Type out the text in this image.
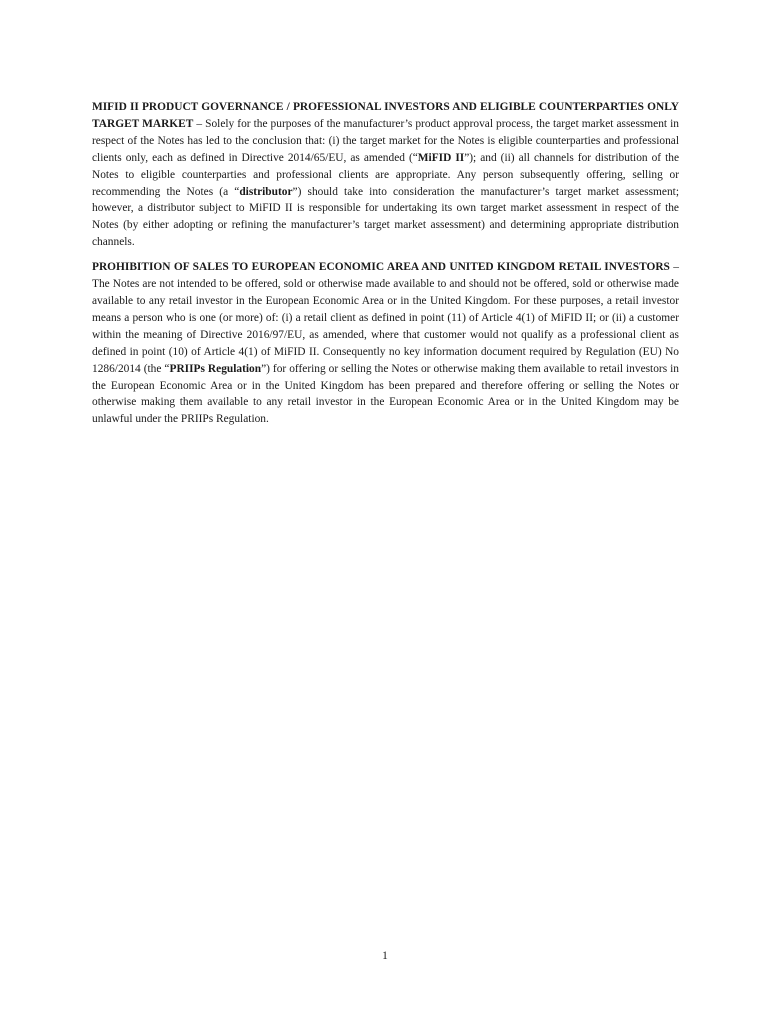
MIFID II PRODUCT GOVERNANCE / PROFESSIONAL INVESTORS AND ELIGIBLE COUNTERPARTIES ONLY TARGET MARKET – Solely for the purposes of the manufacturer’s product approval process, the target market assessment in respect of the Notes has led to the conclusion that: (i) the target market for the Notes is eligible counterparties and professional clients only, each as defined in Directive 2014/65/EU, as amended (“MiFID II”); and (ii) all channels for distribution of the Notes to eligible counterparties and professional clients are appropriate. Any person subsequently offering, selling or recommending the Notes (a “distributor”) should take into consideration the manufacturer’s target market assessment; however, a distributor subject to MiFID II is responsible for undertaking its own target market assessment in respect of the Notes (by either adopting or refining the manufacturer’s target market assessment) and determining appropriate distribution channels.

PROHIBITION OF SALES TO EUROPEAN ECONOMIC AREA AND UNITED KINGDOM RETAIL INVESTORS – The Notes are not intended to be offered, sold or otherwise made available to and should not be offered, sold or otherwise made available to any retail investor in the European Economic Area or in the United Kingdom. For these purposes, a retail investor means a person who is one (or more) of: (i) a retail client as defined in point (11) of Article 4(1) of MiFID II; or (ii) a customer within the meaning of Directive 2016/97/EU, as amended, where that customer would not qualify as a professional client as defined in point (10) of Article 4(1) of MiFID II. Consequently no key information document required by Regulation (EU) No 1286/2014 (the “PRIIPs Regulation”) for offering or selling the Notes or otherwise making them available to retail investors in the European Economic Area or in the United Kingdom has been prepared and therefore offering or selling the Notes or otherwise making them available to any retail investor in the European Economic Area or in the United Kingdom may be unlawful under the PRIIPs Regulation.

1
